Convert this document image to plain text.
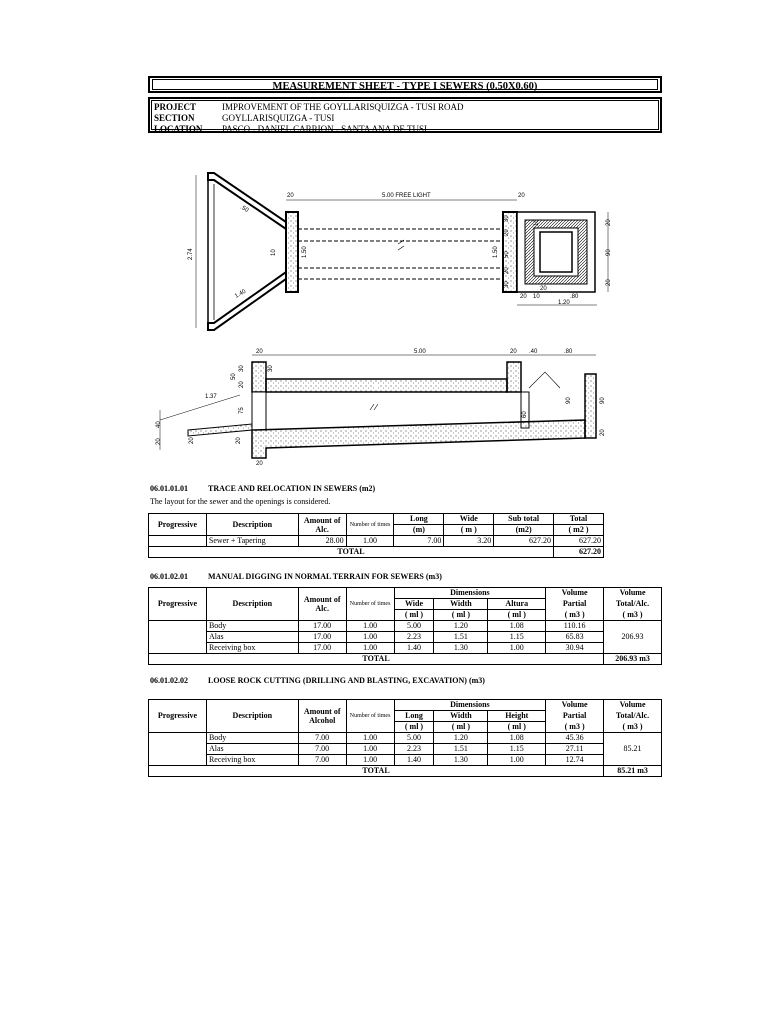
MEASUREMENT SHEET - TYPE I SEWERS (0.50X0.60)
PROJECT	IMPROVEMENT OF THE GOYLLARISQUIZGA - TUSI ROAD
SECTION	GOYLLARISQUIZGA - TUSI
LOCATION	PASCO - DANIEL CARRION - SANTA ANA DE TUSI
20	5.00 FREE LIGHT	20
2.74
.50
1.40
10	1.50	1.50
30
20
50
20
30
10	20
90
20
20	.80
1.20
10
20
20	5.00	20 .40	.80
50
30
20
30
1.37
75
20
40
20	20
60
90	90
20
20
06.01.01.01	TRACE AND RELOCATION IN SEWERS (m2)
The layout for the sewer and the openings is considered.
Progressive	Description	Amount of Alc.	Number of times	Long	Wide	Sub total	Total
				(m)	( m )	(m2)	( m2 )
	Sewer + Tapering	28.00	1.00	7.00	3.20	627.20	627.20
TOTAL							627.20
06.01.02.01	MANUAL DIGGING IN NORMAL TERRAIN FOR SEWERS (m3)
Progressive	Description	Amount of Alc.	Number of times	Dimensions			Volume	Volume
				Wide	Width	Altura	Partial	Total/Alc.
				( ml )	( ml )	( ml )	( m3 )	( m3 )
	Body	17.00	1.00	5.00	1.20	1.08	110.16	206.93
	Alas	17.00	1.00	2.23	1.51	1.15	65.83	
	Receiving box	17.00	1.00	1.40	1.30	1.00	30.94	
TOTAL								206.93 m3
06.01.02.02	LOOSE ROCK CUTTING (DRILLING AND BLASTING, EXCAVATION) (m3)
Progressive	Description	Amount of Alcohol	Number of times	Dimensions			Volume	Volume
				Long	Width	Height	Partial	Total/Alc.
				( ml )	( ml )	( ml )	( m3 )	( m3 )
	Body	7.00	1.00	5.00	1.20	1.08	45.36	85.21
	Alas	7.00	1.00	2.23	1.51	1.15	27.11	
	Receiving box	7.00	1.00	1.40	1.30	1.00	12.74	
TOTAL								85.21 m3
